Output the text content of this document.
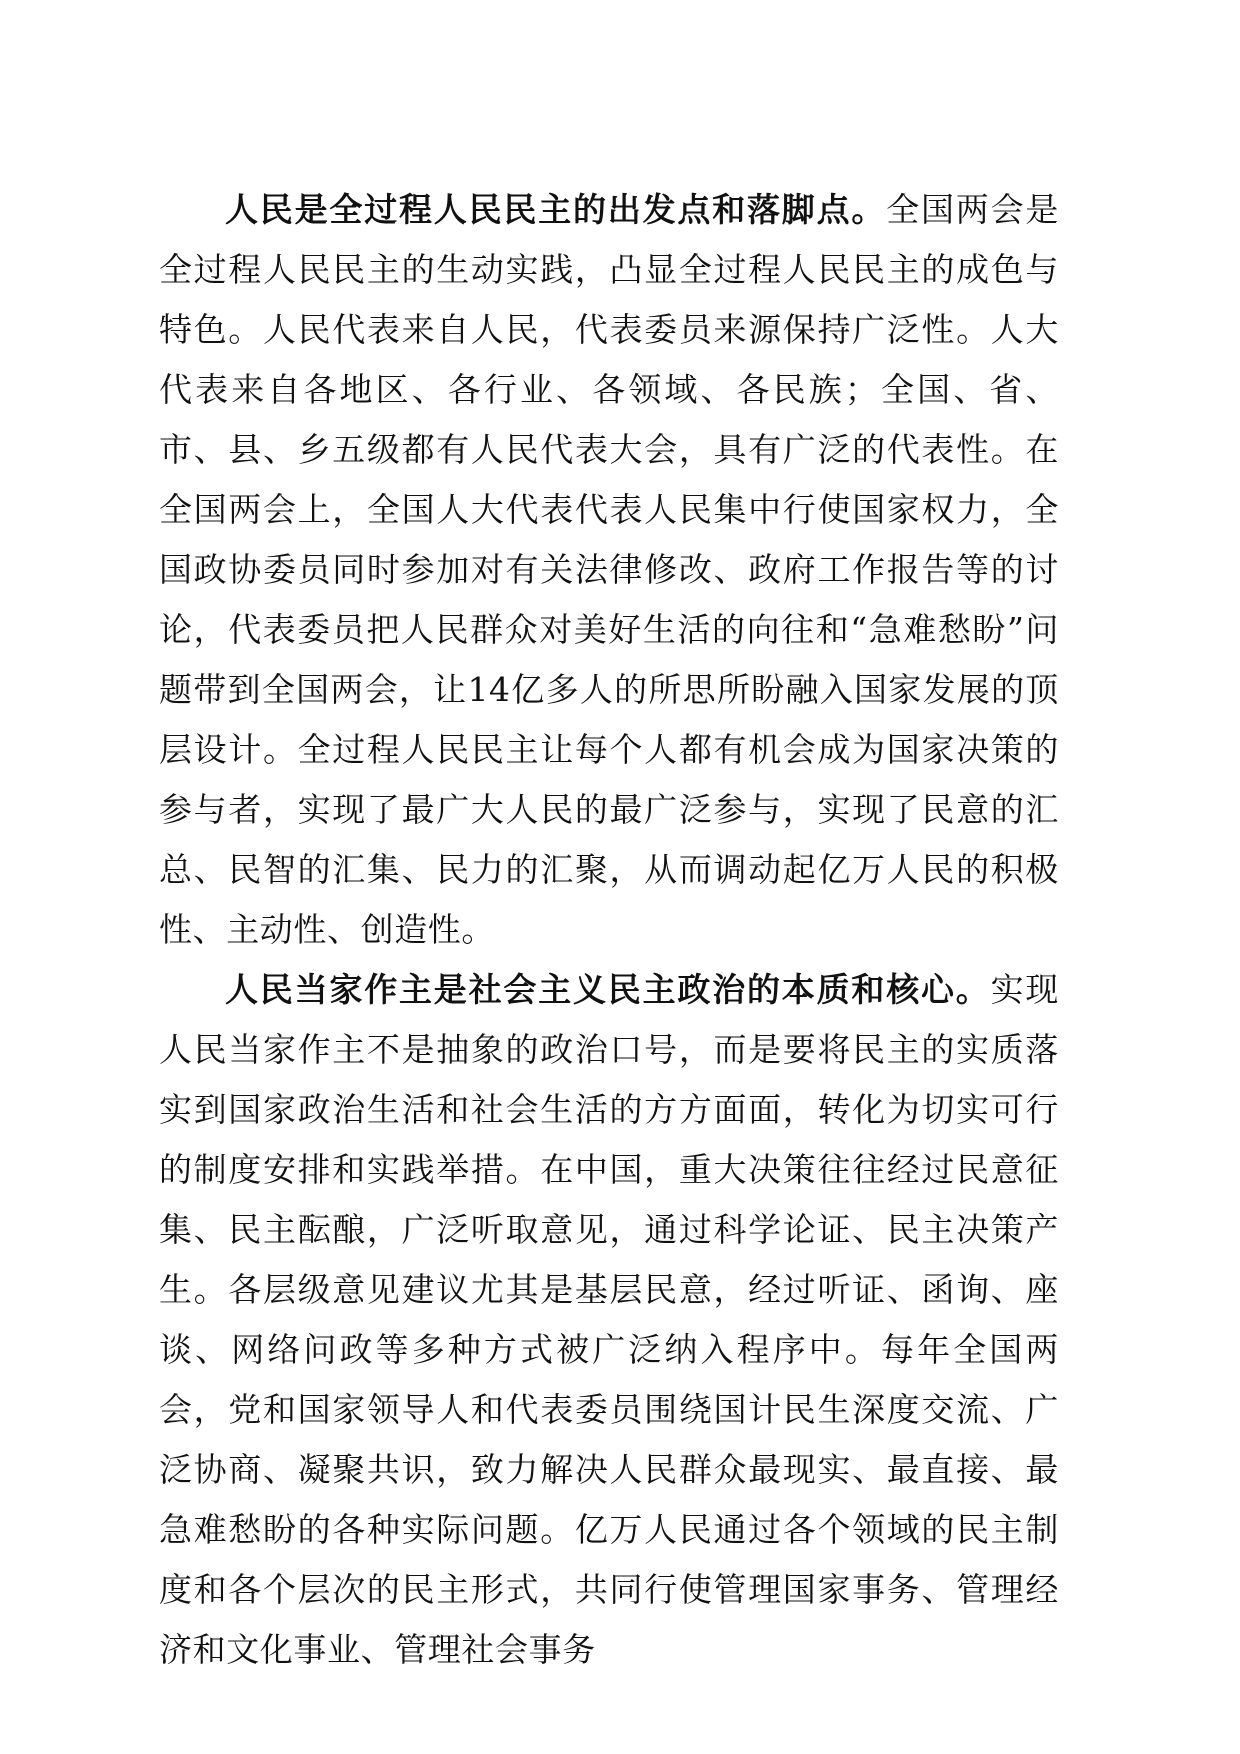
人民是全过程人民民主的出发点和落脚点。全国两会是全过程人民民主的生动实践，凸显全过程人民民主的成色与特色。人民代表来自人民，代表委员来源保持广泛性。人大代表来自各地区、各行业、各领域、各民族；全国、省、市、县、乡五级都有人民代表大会，具有广泛的代表性。在全国两会上，全国人大代表代表人民集中行使国家权力，全国政协委员同时参加对有关法律修改、政府工作报告等的讨论，代表委员把人民群众对美好生活的向往和“急难愁盼”问题带到全国两会，让14亿多人的所思所盼融入国家发展的顶层设计。全过程人民民主让每个人都有机会成为国家决策的参与者，实现了最广大人民的最广泛参与，实现了民意的汇总、民智的汇集、民力的汇聚，从而调动起亿万人民的积极性、主动性、创造性。

人民当家作主是社会主义民主政治的本质和核心。实现人民当家作主不是抽象的政治口号，而是要将民主的实质落实到国家政治生活和社会生活的方方面面，转化为切实可行的制度安排和实践举措。在中国，重大决策往往经过民意征集、民主酝酿，广泛听取意见，通过科学论证、民主决策产生。各层级意见建议尤其是基层民意，经过听证、函询、座谈、网络问政等多种方式被广泛纳入程序中。每年全国两会，党和国家领导人和代表委员围绕国计民生深度交流、广泛协商、凝聚共识，致力解决人民群众最现实、最直接、最急难愁盼的各种实际问题。亿万人民通过各个领域的民主制度和各个层次的民主形式，共同行使管理国家事务、管理经济和文化事业、管理社会事务
